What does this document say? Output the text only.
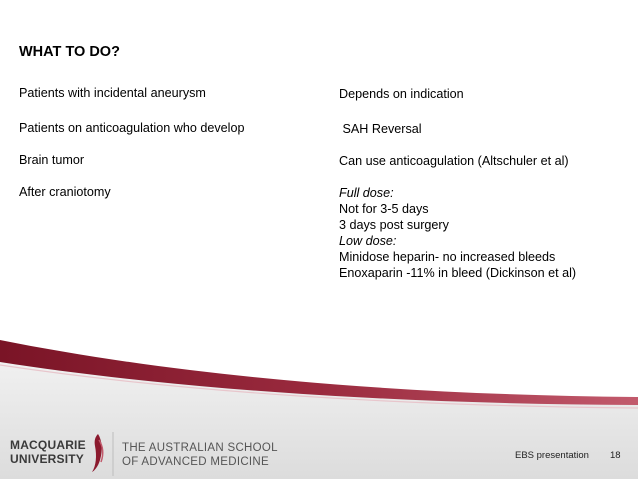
WHAT TO DO?
Patients with incidental aneurysm
Patients on anticoagulation who develop
Brain tumor
After craniotomy
Depends on indication
SAH Reversal
Can use anticoagulation (Altschuler et al)
Full dose:
Not for 3-5 days
3 days post surgery
Low dose:
Minidose heparin- no increased bleeds
Enoxaparin -11% in bleed (Dickinson et al)
MACQUARIE
UNIVERSITY
THE AUSTRALIAN SCHOOL
OF ADVANCED MEDICINE
EBS presentation 18
